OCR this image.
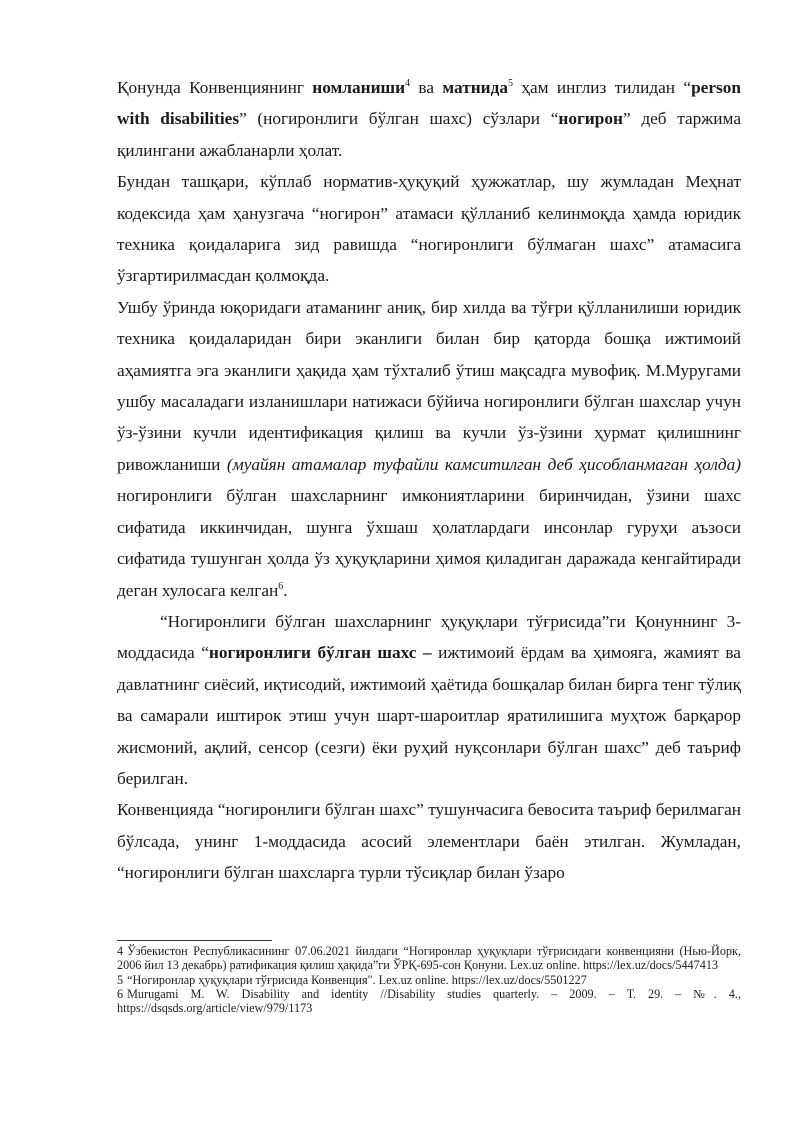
Қонунда Конвенциянинг номланиши$^4$ ва матнида$^5$ ҳам инглиз тилидан “person with disabilities” (ногиронлиги бўлган шахс) сўзлари “ногирон” деб таржима қилингани ажабланарли ҳолат.

Бундан ташқари, кўплаб норматив-ҳуқуқий ҳужжатлар, шу жумладан Меҳнат кодексида ҳам ҳанузгача “ногирон” атамаси қўлланиб келинмоқда ҳамда юридик техника қоидаларига зид равишда “ногиронлиги бўлмаган шахс” атамасига ўзгартирилмасдан қолмоқда.

Ушбу ўринда юқоридаги атаманинг аниқ, бир хилда ва тўғри қўлланилиши юридик техника қоидаларидан бири эканлиги билан бир қаторда бошқа ижтимоий аҳамиятга эга эканлиги ҳақида ҳам тўхталиб ўтиш мақсадга мувофиқ. М.Муругами ушбу масаладаги изланишлари натижаси бўйича ногиронлиги бўлган шахслар учун ўз-ўзини кучли идентификация қилиш ва кучли ўз-ўзини ҳурмат қилишнинг ривожланиши (муайян атамалар туфайли камситилган деб ҳисобланмаган ҳолда) ногиронлиги бўлган шахсларнинг имкониятларини биринчидан, ўзини шахс сифатида иккинчидан, шунга ўхшаш ҳолатлардаги инсонлар гуруҳи аъзоси сифатида тушунган ҳолда ўз ҳуқуқларини ҳимоя қиладиган даражада кенгайтиради деган хулосага келган$^6$.

“Ногиронлиги бўлган шахсларнинг ҳуқуқлари тўғрисида”ги Қонуннинг 3-моддасида “ногиронлиги бўлган шахс – ижтимоий ёрдам ва ҳимояга, жамият ва давлатнинг сиёсий, иқтисодий, ижтимоий ҳаётида бошқалар билан бирга тенг тўлиқ ва самарали иштирок этиш учун шарт-шароитлар яратилишига муҳтож барқарор жисмоний, ақлий, сенсор (сезги) ёки руҳий нуқсонлари бўлган шахс” деб таъриф берилган.

Конвенцияда “ногиронлиги бўлган шахс” тушунчасига бевосита таъриф берилмаган бўлсада, унинг 1-моддасида асосий элементлари баён этилган. Жумладан, “ногиронлиги бўлган шахсларга турли тўсиқлар билан ўзаро

4 Ўзбекистон Республикасининг 07.06.2021 йилдаги “Ногиронлар ҳуқуқлари тўғрисидаги конвенцияни (Нью-Йорк, 2006 йил 13 декабрь) ратификация қилиш ҳақида”ги ЎРҚ-695-сон Қонуни. Lex.uz online. https://lex.uz/docs/5447413

5 “Ногиронлар ҳуқуқлари тўғрисида Конвенция". Lex.uz online. https://lex.uz/docs/5501227

6 Murugami M. W. Disability and identity //Disability studies quarterly. – 2009. – Т. 29. – №. 4., https://dsqsds.org/article/view/979/1173
